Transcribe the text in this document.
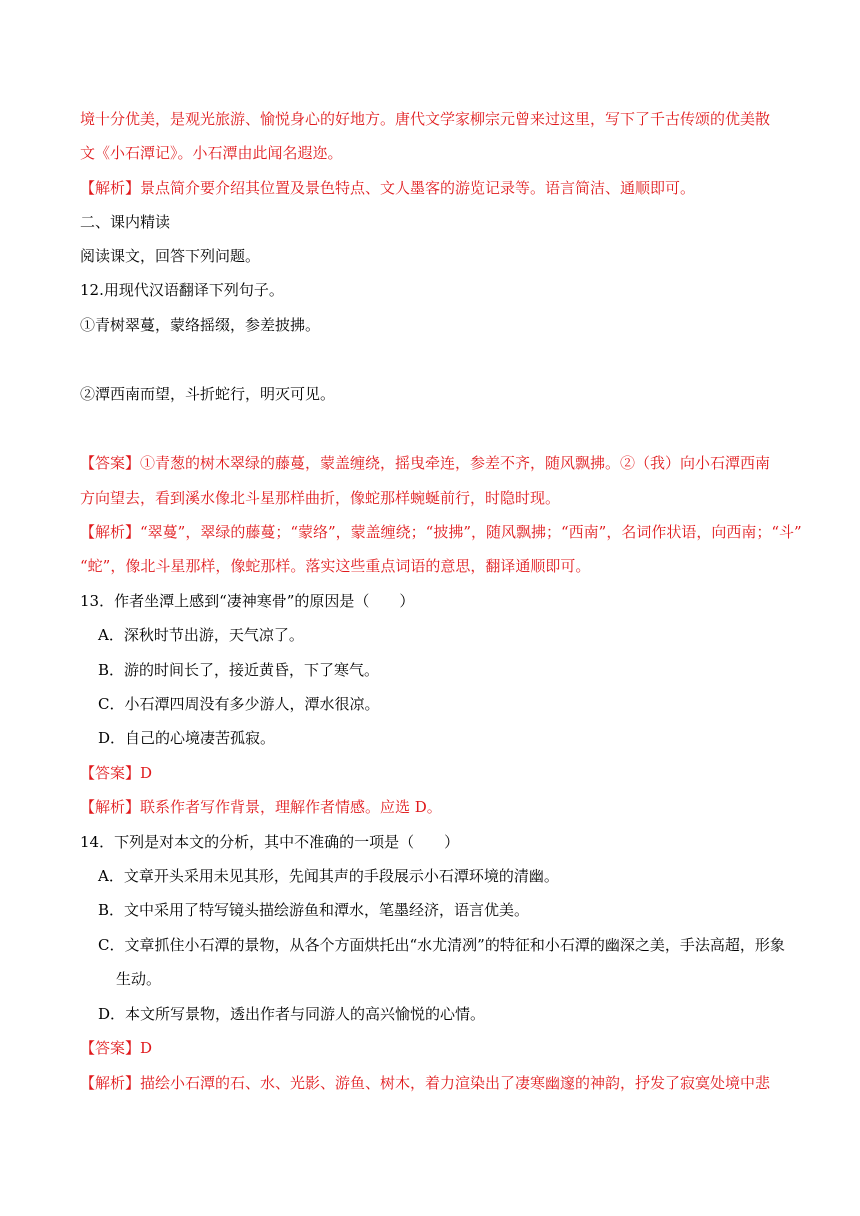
境十分优美，是观光旅游、愉悦身心的好地方。唐代文学家柳宗元曾来过这里，写下了千古传颂的优美散
文《小石潭记》。小石潭由此闻名遐迩。
【解析】景点简介要介绍其位置及景色特点、文人墨客的游览记录等。语言简洁、通顺即可。
二、课内精读
阅读课文，回答下列问题。
12.用现代汉语翻译下列句子。
①青树翠蔓，蒙络摇缀，参差披拂。
②潭西南而望，斗折蛇行，明灭可见。
【答案】①青葱的树木翠绿的藤蔓，蒙盖缠绕，摇曳牵连，参差不齐，随风飘拂。②（我）向小石潭西南
方向望去，看到溪水像北斗星那样曲折，像蛇那样蜿蜒前行，时隐时现。
【解析】“翠蔓”，翠绿的藤蔓；“蒙络”，蒙盖缠绕；“披拂”，随风飘拂；“西南”，名词作状语，向西南；“斗”
“蛇”，像北斗星那样，像蛇那样。落实这些重点词语的意思，翻译通顺即可。
13．作者坐潭上感到“凄神寒骨”的原因是（　　）
A．深秋时节出游，天气凉了。
B．游的时间长了，接近黄昏，下了寒气。
C．小石潭四周没有多少游人，潭水很凉。
D．自己的心境凄苦孤寂。
【答案】D
【解析】联系作者写作背景，理解作者情感。应选 D。
14．下列是对本文的分析，其中不准确的一项是（　　）
A．文章开头采用未见其形，先闻其声的手段展示小石潭环境的清幽。
B．文中采用了特写镜头描绘游鱼和潭水，笔墨经济，语言优美。
C．文章抓住小石潭的景物，从各个方面烘托出“水尤清冽”的特征和小石潭的幽深之美，手法高超，形象
生动。
D．本文所写景物，透出作者与同游人的高兴愉悦的心情。
【答案】D
【解析】描绘小石潭的石、水、光影、游鱼、树木，着力渲染出了凄寒幽邃的神韵，抒发了寂寞处境中悲
